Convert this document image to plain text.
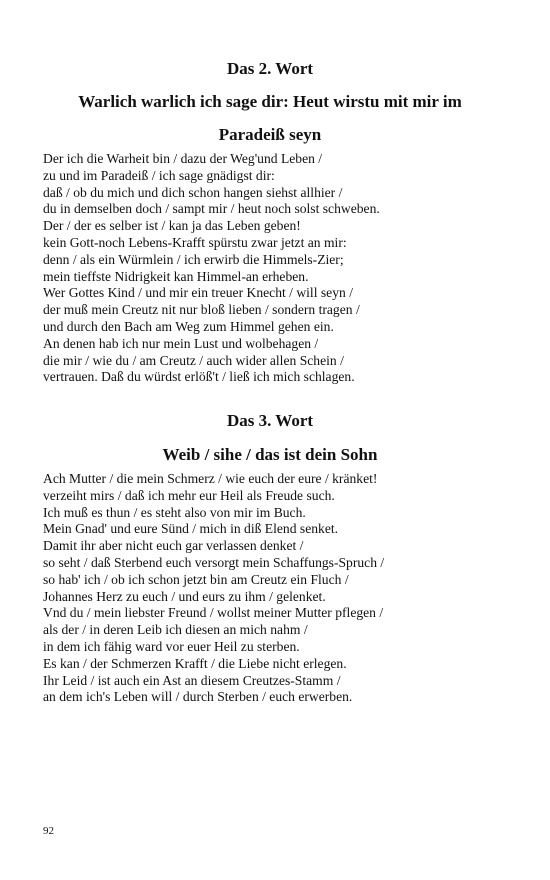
Das 2. Wort
Warlich warlich ich sage dir: Heut wirstu mit mir im
Paradeiß seyn
Der ich die Warheit bin / dazu der Weg'und Leben /
zu und im Paradeiß / ich sage gnädigst dir:
daß / ob du mich und dich schon hangen siehst allhier /
du in demselben doch / sampt mir / heut noch solst schweben.
Der / der es selber ist / kan ja das Leben geben!
kein Gott-noch Lebens-Krafft spürstu zwar jetzt an mir:
denn / als ein Würmlein / ich erwirb die Himmels-Zier;
mein tieffste Nidrigkeit kan Himmel-an erheben.
Wer Gottes Kind / und mir ein treuer Knecht / will seyn /
der muß mein Creutz nit nur bloß lieben / sondern tragen /
und durch den Bach am Weg zum Himmel gehen ein.
An denen hab ich nur mein Lust und wolbehagen /
die mir / wie du / am Creutz / auch wider allen Schein /
vertrauen. Daß du würdst erlöß't / ließ ich mich schlagen.
Das 3. Wort
Weib / sihe / das ist dein Sohn
Ach Mutter / die mein Schmerz / wie euch der eure / kränket!
verzeiht mirs / daß ich mehr eur Heil als Freude such.
Ich muß es thun / es steht also von mir im Buch.
Mein Gnad' und eure Sünd / mich in diß Elend senket.
Damit ihr aber nicht euch gar verlassen denket /
so seht / daß Sterbend euch versorgt mein Schaffungs-Spruch /
so hab' ich / ob ich schon jetzt bin am Creutz ein Fluch /
Johannes Herz zu euch / und eurs zu ihm / gelenket.
Vnd du / mein liebster Freund / wollst meiner Mutter pflegen /
als der / in deren Leib ich diesen an mich nahm /
in dem ich fähig ward vor euer Heil zu sterben.
Es kan / der Schmerzen Krafft / die Liebe nicht erlegen.
Ihr Leid / ist auch ein Ast an diesem Creutzes-Stamm /
an dem ich's Leben will / durch Sterben / euch erwerben.
92
